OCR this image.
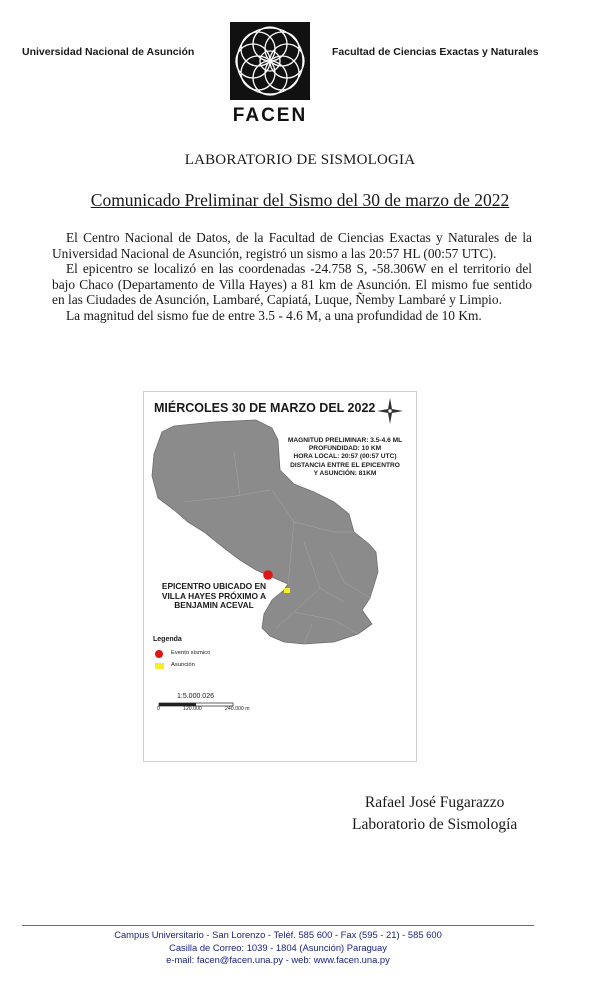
Universidad Nacional de Asunción
FACEN
Facultad de Ciencias Exactas y Naturales
LABORATORIO DE SISMOLOGIA
Comunicado Preliminar del Sismo del 30 de marzo de 2022

El Centro Nacional de Datos, de la Facultad de Ciencias Exactas y Naturales de la Universidad Nacional de Asunción, registró un sismo a las 20:57 HL (00:57 UTC).

El epicentro se localizó en las coordenadas -24.758 S, -58.306W en el territorio del bajo Chaco (Departamento de Villa Hayes) a 81 km de Asunción. El mismo fue sentido en las Ciudades de Asunción, Lambaré, Capiatá, Luque, Ñemby Lambaré y Limpio.

La magnitud del sismo fue de entre 3.5 - 4.6 M, a una profundidad de 10 Km.

MIÉRCOLES 30 DE MARZO DEL 2022
MAGNITUD PRELIMINAR: 3.5-4.6 ML
PROFUNDIDAD: 10 KM
HORA LOCAL: 20:57 (00:57 UTC)
DISTANCIA ENTRE EL EPICENTRO
Y ASUNCIÓN: 81KM
EPICENTRO UBICADO EN
VILLA HAYES PRÓXIMO A
BENJAMIN ACEVAL
Legenda
Evento sísmico
Asunción
1:5.000.026
0	120.000	240.000 m
Rafael José Fugarazzo
Laboratorio de Sismología
Campus Universitario - San Lorenzo - Teléf. 585 600 - Fax (595 - 21) - 585 600
Casilla de Correo: 1039 - 1804 (Asunción) Paraguay
e-mail: facen@facen.una.py - web: www.facen.una.py
